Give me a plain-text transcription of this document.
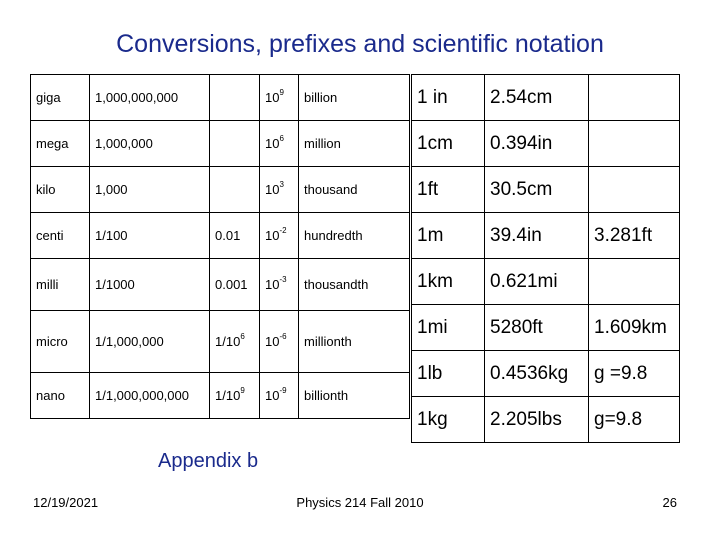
Conversions, prefixes and scientific notation
giga	1,000,000,000		$10^9$	billion
mega	1,000,000		$10^6$	million
kilo	1,000		$10^3$	thousand
centi	1/100	0.01	$10^{-2}$	hundredth
milli	1/1000	0.001	$10^{-3}$	thousandth
micro	1/1,000,000	$1/10^6$	$10^{-6}$	millionth
nano	1/1,000,000,000	$1/10^9$	$10^{-9}$	billionth
1 in	2.54cm	
1cm	0.394in	
1ft	30.5cm	
1m	39.4in	3.281ft
1km	0.621mi	
1mi	5280ft	1.609km
1lb	0.4536kg	g =9.8
1kg	2.205lbs	g=9.8
Appendix b
12/19/2021	Physics 214 Fall 2010	26
